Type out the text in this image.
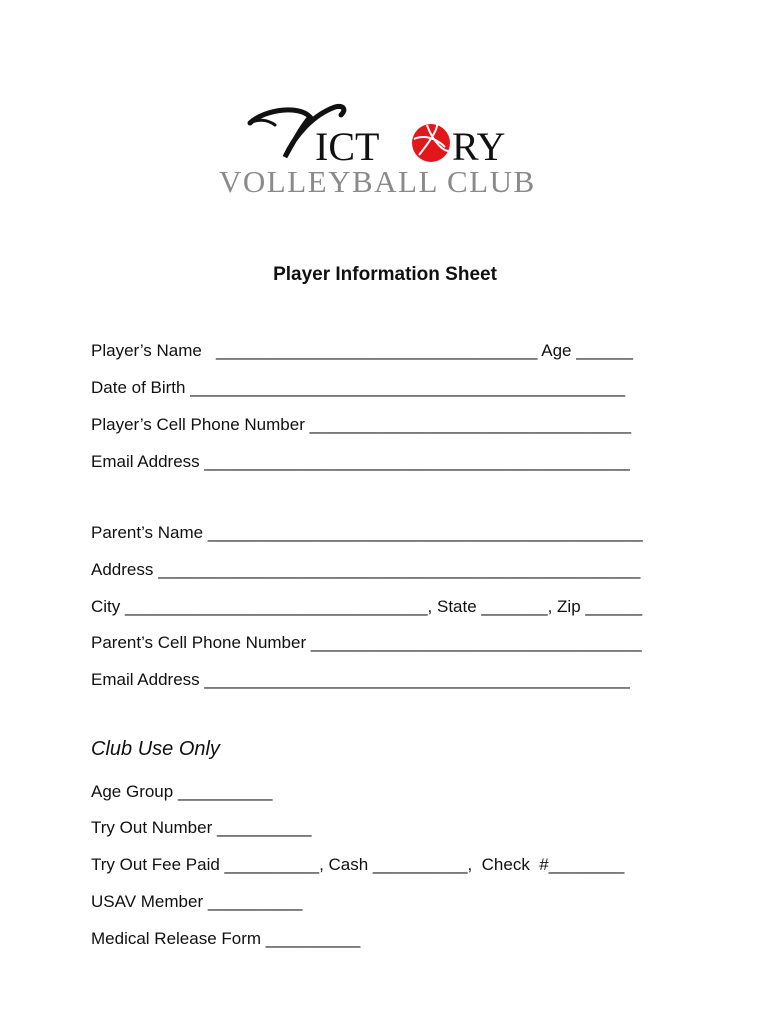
ICT RY
VOLLEYBALL CLUB
Player Information Sheet
Player’s Name   __________________________________ Age ______
Date of Birth ______________________________________________
Player’s Cell Phone Number __________________________________
Email Address _____________________________________________
Parent’s Name ______________________________________________
Address ___________________________________________________
City ________________________________, State _______, Zip ______
Parent’s Cell Phone Number ___________________________________
Email Address _____________________________________________
Club Use Only
Age Group __________
Try Out Number __________
Try Out Fee Paid __________, Cash __________,  Check  #________
USAV Member __________
Medical Release Form __________
